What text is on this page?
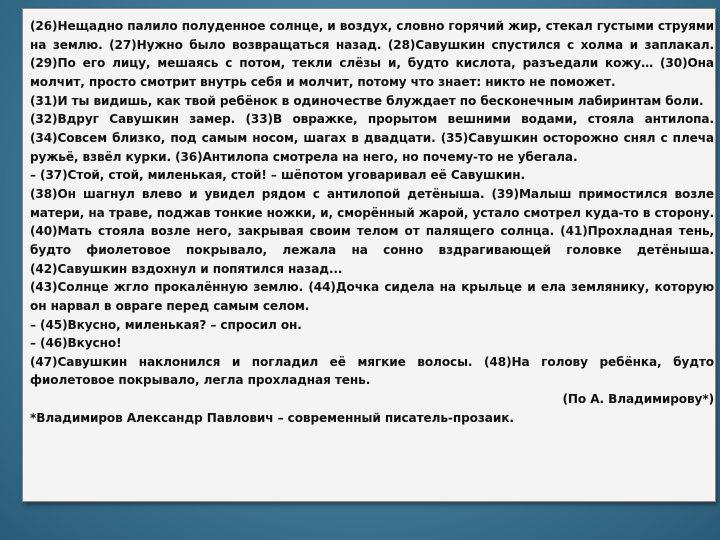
(26)Нещадно палило полуденное солнце, и воздух, словно горячий жир, стекал густыми струями на землю. (27)Нужно было возвращаться назад. (28)Савушкин спустился с холма и заплакал. (29)По его лицу, мешаясь с потом, текли слёзы и, будто кислота, разъедали кожу… (30)Она молчит, просто смотрит внутрь себя и молчит, потому что знает: никто не поможет.

(31)И ты видишь, как твой ребёнок в одиночестве блуждает по бесконечным лабиринтам боли.

(32)Вдруг Савушкин замер. (33)В овражке, прорытом вешними водами, стояла антилопа. (34)Совсем близко, под самым носом, шагах в двадцати. (35)Савушкин осторожно снял с плеча ружьё, взвёл курки. (36)Антилопа смотрела на него, но почему-то не убегала.

– (37)Стой, стой, миленькая, стой! – шёпотом уговаривал её Савушкин.

(38)Он шагнул влево и увидел рядом с антилопой детёныша. (39)Малыш примостился возле матери, на траве, поджав тонкие ножки, и, сморённый жарой, устало смотрел куда-то в сторону. (40)Мать стояла возле него, закрывая своим телом от палящего солнца. (41)Прохладная тень, будто фиолетовое покрывало, лежала на сонно вздрагивающей головке детёныша. (42)Савушкин вздохнул и попятился назад...

(43)Солнце жгло прокалённую землю. (44)Дочка сидела на крыльце и ела землянику, которую он нарвал в овраге перед самым селом.

– (45)Вкусно, миленькая? – спросил он.

– (46)Вкусно!

(47)Савушкин наклонился и погладил её мягкие волосы. (48)На голову ребёнка, будто фиолетовое покрывало, легла прохладная тень.

(По А. Владимирову*)

*Владимиров Александр Павлович – современный писатель-прозаик.
